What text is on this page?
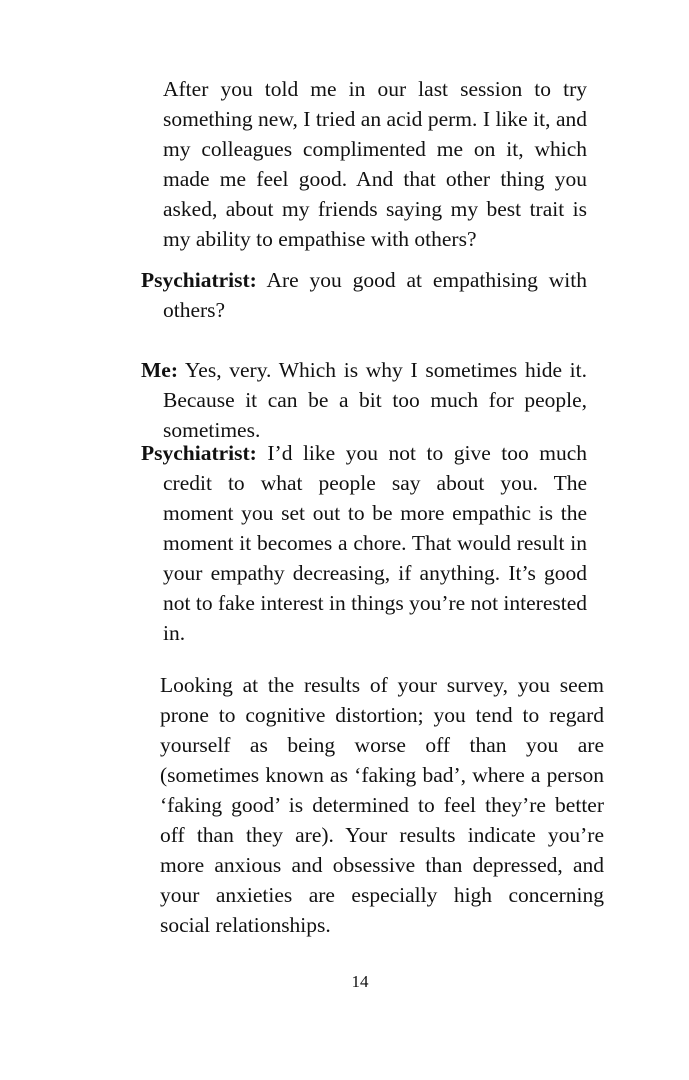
After you told me in our last session to try something new, I tried an acid perm. I like it, and my colleagues complimented me on it, which made me feel good. And that other thing you asked, about my friends saying my best trait is my ability to empathise with others?

Psychiatrist: Are you good at empathising with others?

Me: Yes, very. Which is why I sometimes hide it. Because it can be a bit too much for people, sometimes.

Psychiatrist: I’d like you not to give too much credit to what people say about you. The moment you set out to be more empathic is the moment it becomes a chore. That would result in your empathy decreasing, if anything. It’s good not to fake interest in things you’re not interested in.

Looking at the results of your survey, you seem prone to cognitive distortion; you tend to regard yourself as being worse off than you are (sometimes known as ‘faking bad’, where a person ‘faking good’ is determined to feel they’re better off than they are). Your results indicate you’re more anxious and obsessive than depressed, and your anxieties are especially high concerning social relationships.

14
